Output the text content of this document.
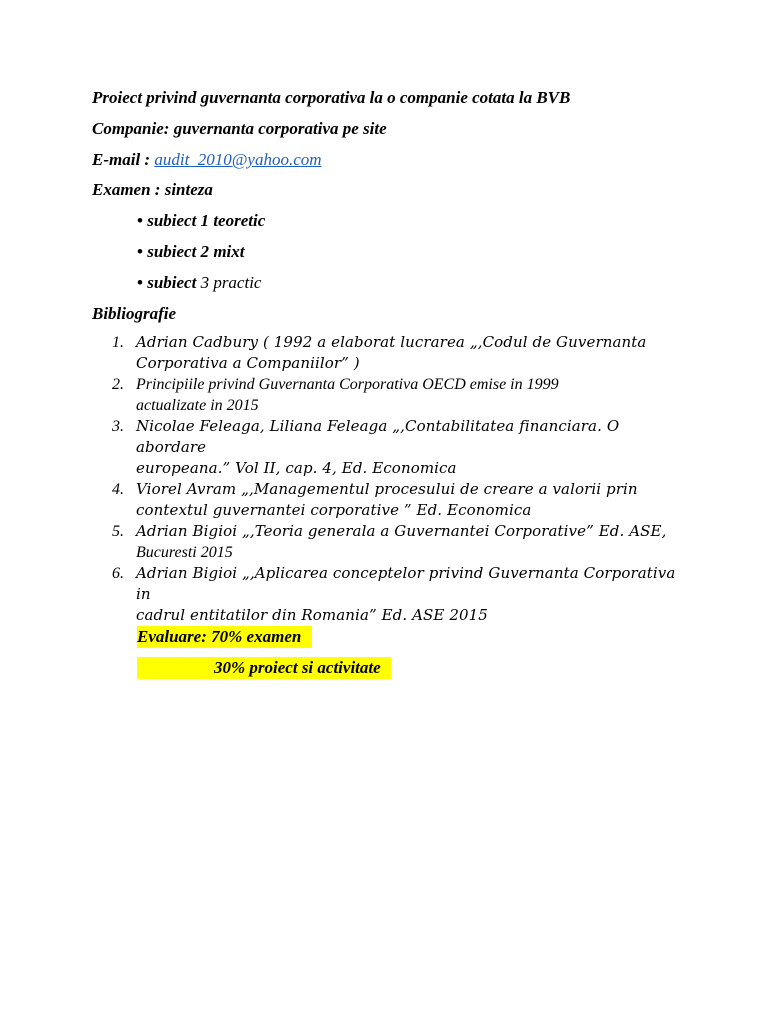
Proiect privind guvernanta corporativa la o companie cotata la BVB
Companie: guvernanta corporativa pe site
E-mail : audit_2010@yahoo.com
Examen : sinteza
• subiect 1 teoretic
• subiect 2 mixt
• subiect 3 practic
Bibliografie
1. Adrian Cadbury ( 1992 a elaborat lucrarea „,Codul de Guvernanta
Corporativa a Companiilor” )
2. Principiile privind Guvernanta Corporativa OECD emise in 1999
actualizate in 2015
3. Nicolae Feleaga, Liliana Feleaga „,Contabilitatea financiara. O abordare
europeana.” Vol II, cap. 4, Ed. Economica
4. Viorel Avram „,Managementul procesului de creare a valorii prin
contextul guvernantei corporative ” Ed. Economica
5. Adrian Bigioi „,Teoria generala a Guvernantei Corporative” Ed. ASE,
Bucuresti 2015
6. Adrian Bigioi „,Aplicarea conceptelor privind Guvernanta Corporativa in
cadrul entitatilor din Romania” Ed. ASE 2015
Evaluare: 70% examen
30% proiect si activitate
